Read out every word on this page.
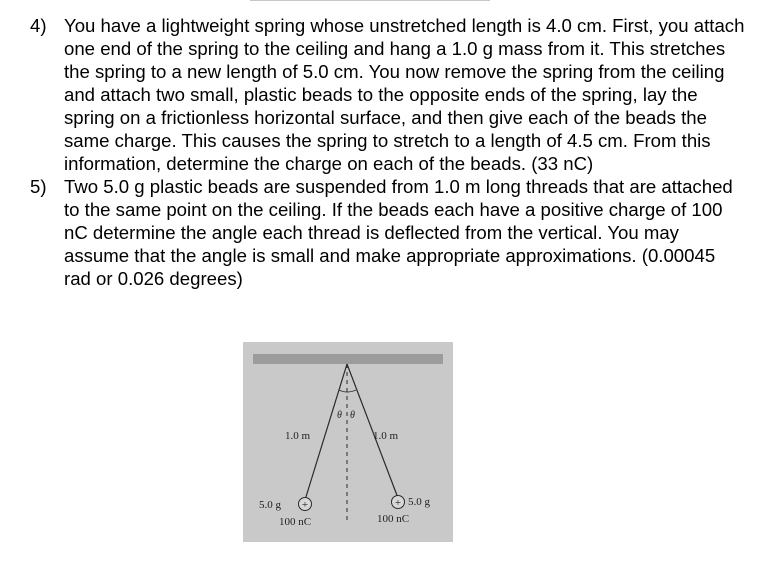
4) You have a lightweight spring whose unstretched length is 4.0 cm. First, you attach one end of the spring to the ceiling and hang a 1.0 g mass from it. This stretches the spring to a new length of 5.0 cm. You now remove the spring from the ceiling and attach two small, plastic beads to the opposite ends of the spring, lay the spring on a frictionless horizontal surface, and then give each of the beads the same charge. This causes the spring to stretch to a length of 4.5 cm. From this information, determine the charge on each of the beads. (33 nC)
5) Two 5.0 g plastic beads are suspended from 1.0 m long threads that are attached to the same point on the ceiling. If the beads each have a positive charge of 100 nC determine the angle each thread is deflected from the vertical. You may assume that the angle is small and make appropriate approximations. (0.00045 rad or 0.026 degrees)
θ θ
1.0 m	1.0 m
+	+
5.0 g	5.0 g
100 nC	100 nC
